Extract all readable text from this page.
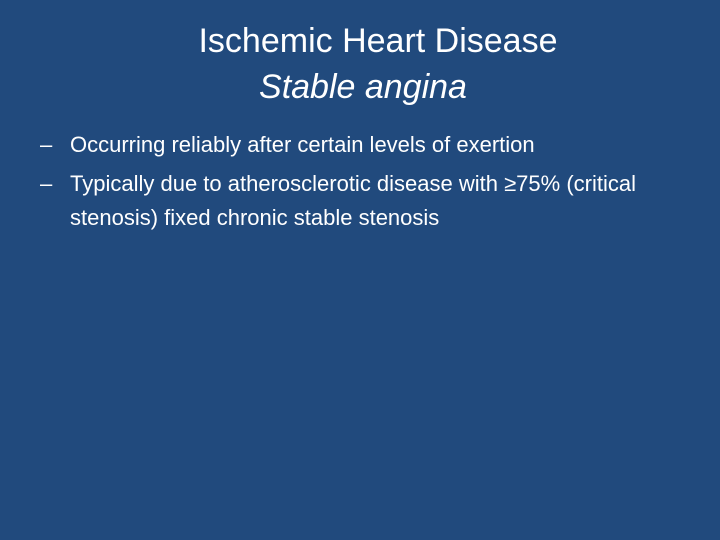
Ischemic Heart Disease
Stable angina
– Occurring reliably after certain levels of exertion
– Typically due to atherosclerotic disease with ≥75% (critical stenosis) fixed chronic stable stenosis
